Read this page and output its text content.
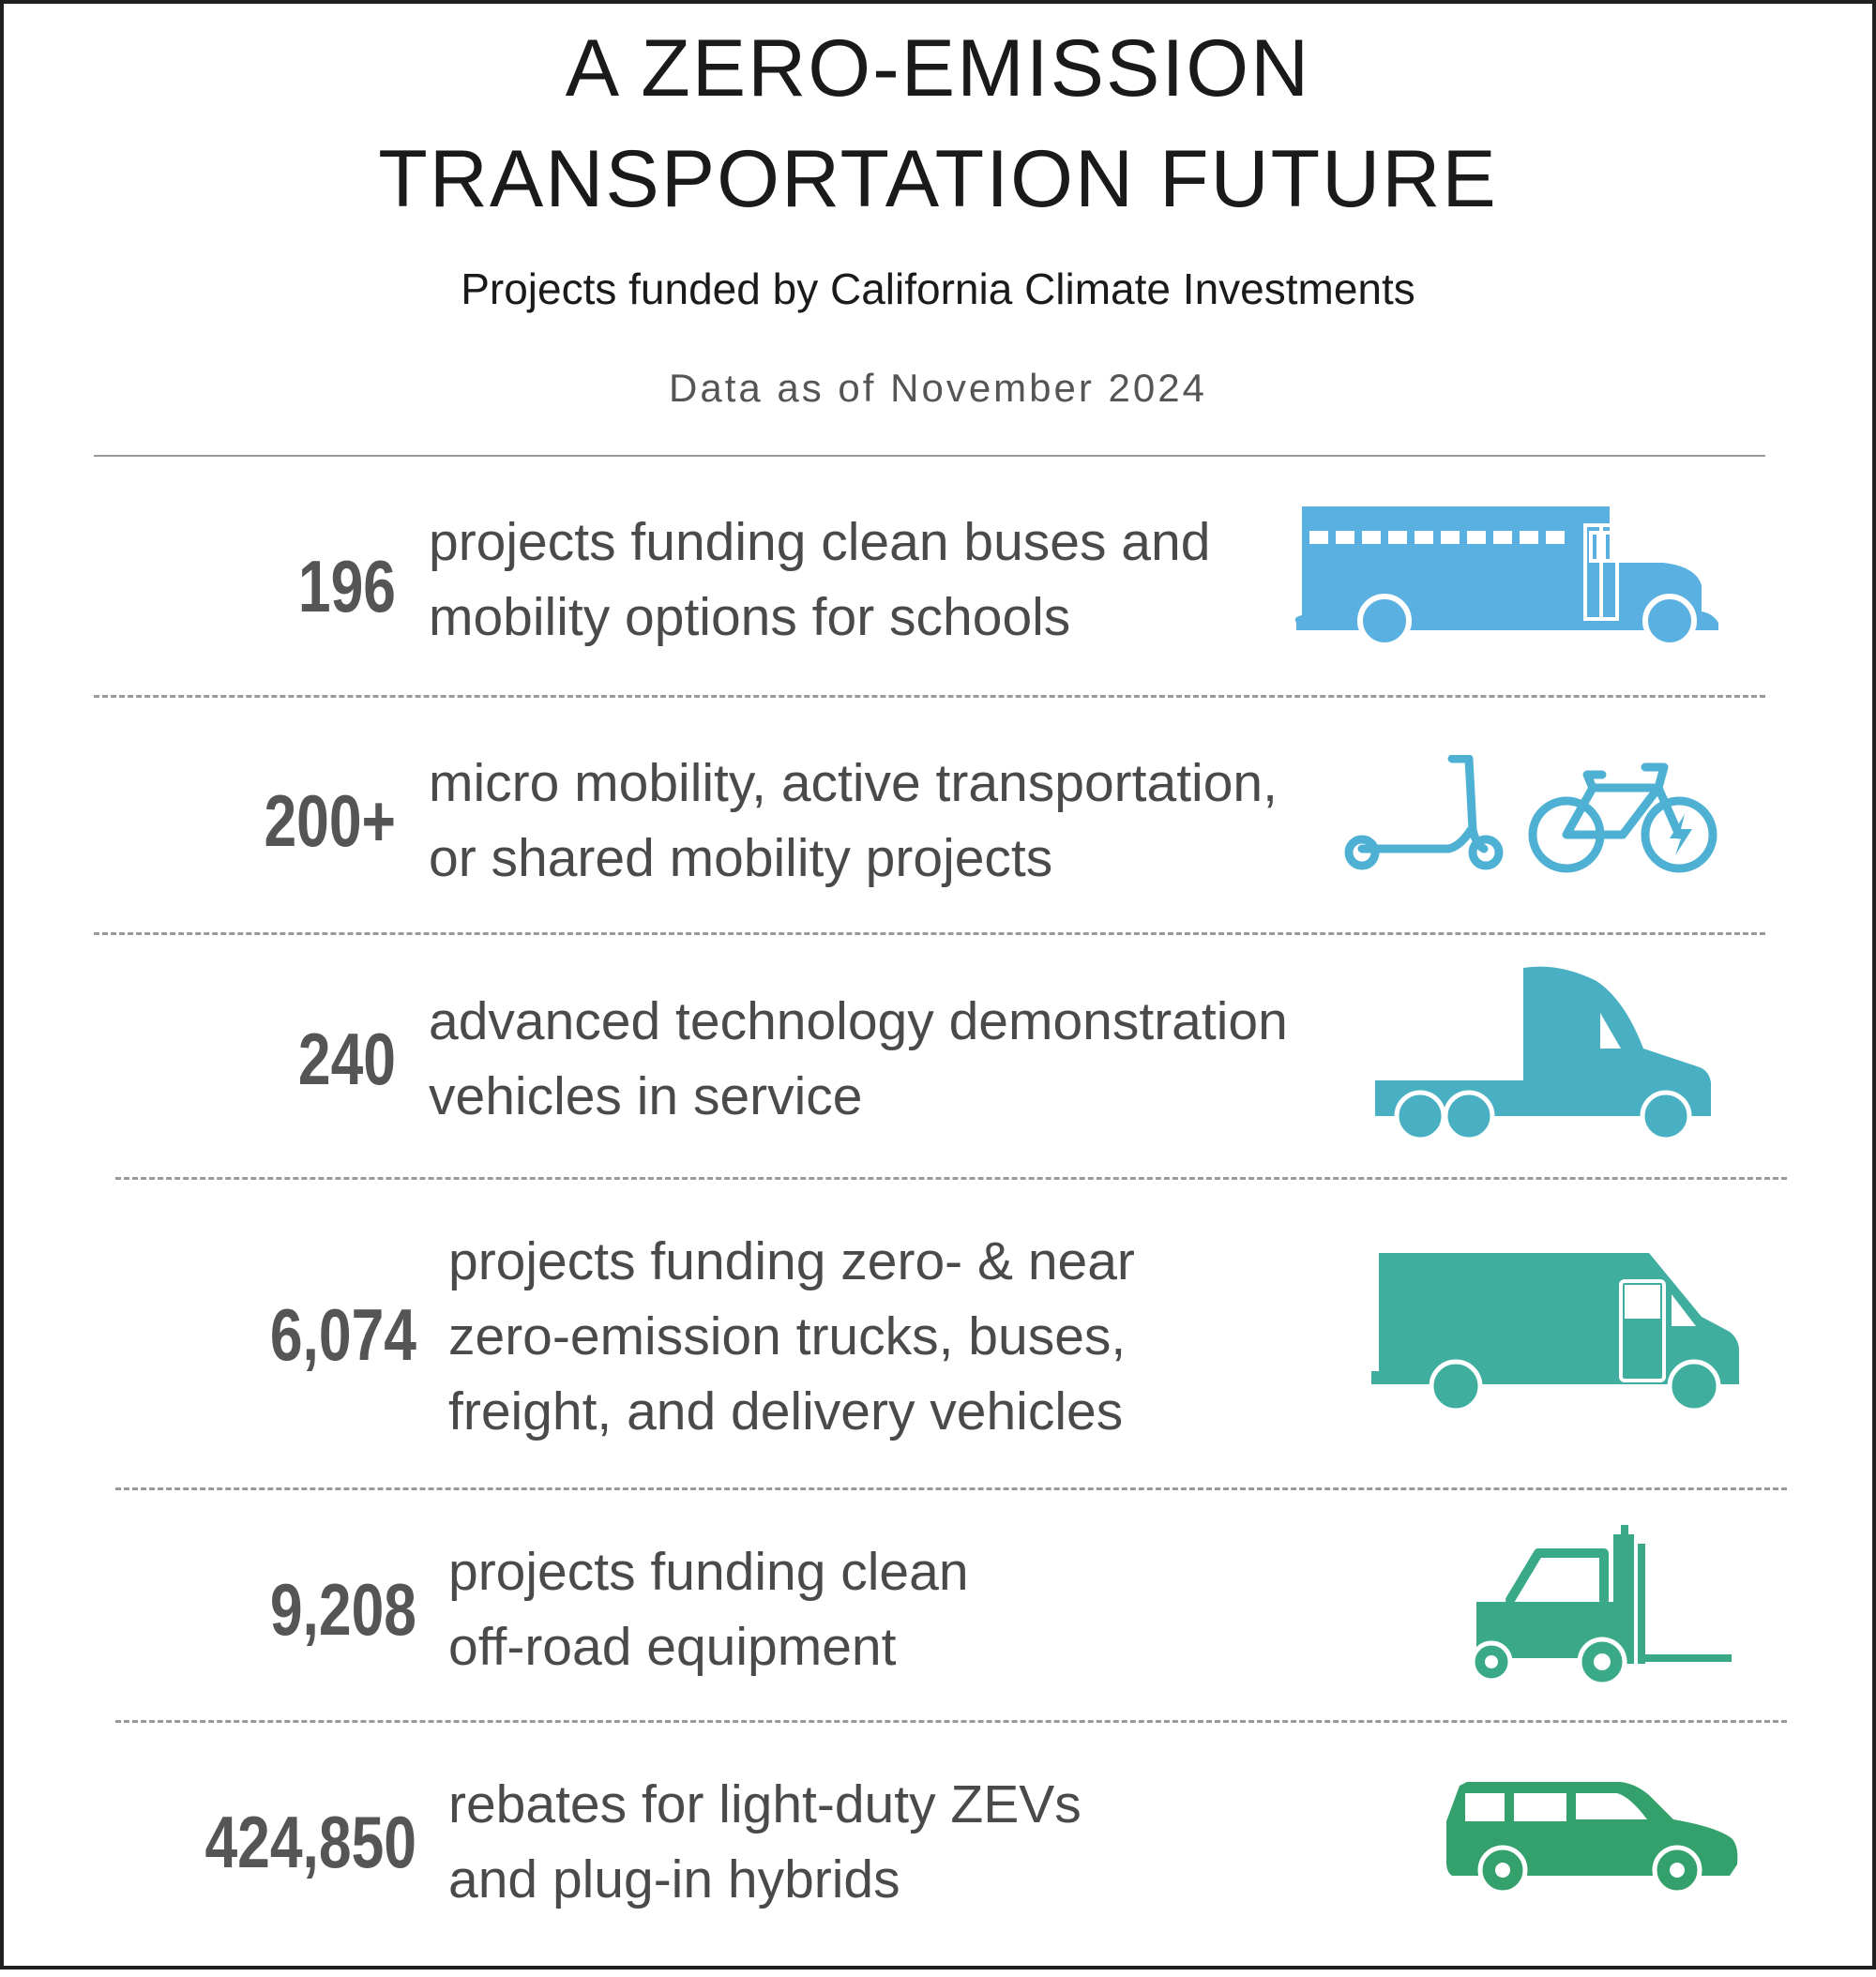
A ZERO-EMISSION
TRANSPORTATION FUTURE
Projects funded by California Climate Investments
Data as of November 2024
196
projects funding clean buses and
mobility options for schools
200+ micro mobility, active transportation,
or shared mobility projects
240 advanced technology demonstration
vehicles in service
6,074
projects funding zero- & near
zero-emission trucks, buses,
freight, and delivery vehicles
9,208 projects funding clean
off-road equipment
424,850 rebates for light-duty ZEVs
and plug-in hybrids
